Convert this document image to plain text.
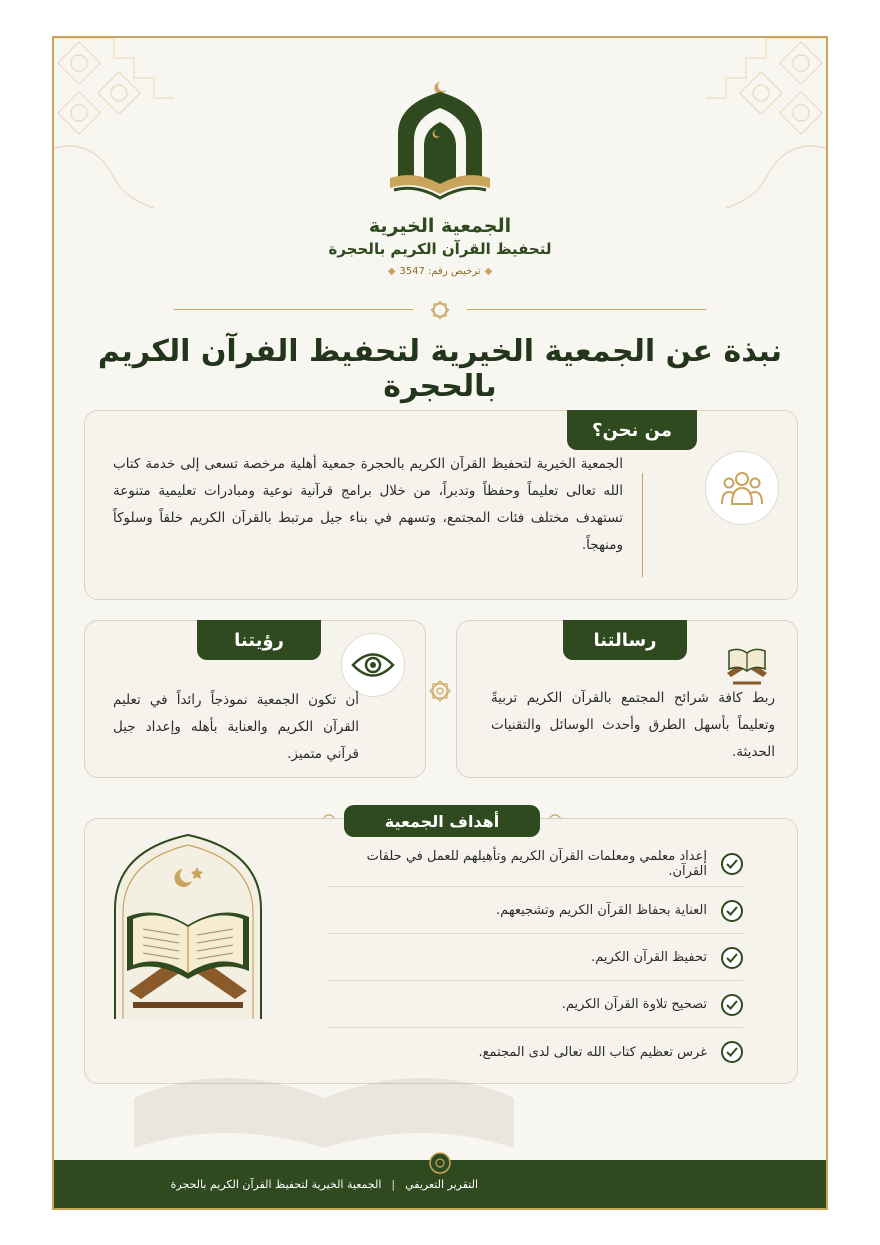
الجمعية الخيرية
لتحفيظ القرآن الكريم بالحجرة
◆ترخيص رقم: 3547◆
نبذة عن الجمعية الخيرية لتحفيظ الفرآن الكريم بالحجرة
من نحن؟

الجمعية الخيرية لتحفيظ القرآن الكريم بالحجرة جمعية أهلية مرخصة تسعى إلى خدمة كتاب الله تعالى تعليماً وحفظاً وتدبراً، من خلال برامج قرآنية نوعية ومبادرات تعليمية متنوعة تستهدف مختلف فئات المجتمع، وتسهم في بناء جيل مرتبط بالقرآن الكريم خلقاً وسلوكاً ومنهجاً.

رسالتنا

ربط كافة شرائح المجتمع بالقرآن الكريم تربيةً وتعليماً بأسهل الطرق وأحدث الوسائل والتقنيات الحديثة.

رؤيتنا

أن تكون الجمعية نموذجاً رائداً في تعليم القرآن الكريم والعناية بأهله وإعداد جيل قرآني متميز.

أهداف الجمعية
إعداد معلمي ومعلمات القرآن الكريم وتأهيلهم للعمل في حلقات القرآن.
العناية بحفاظ القرآن الكريم وتشجيعهم.
تحفيظ القرآن الكريم.
تصحيح تلاوة القرآن الكريم.
غرس تعظيم كتاب الله تعالى لدى المجتمع.
التقرير التعريفي
|
الجمعية الخيرية لتحفيظ القرآن الكريم بالحجرة
